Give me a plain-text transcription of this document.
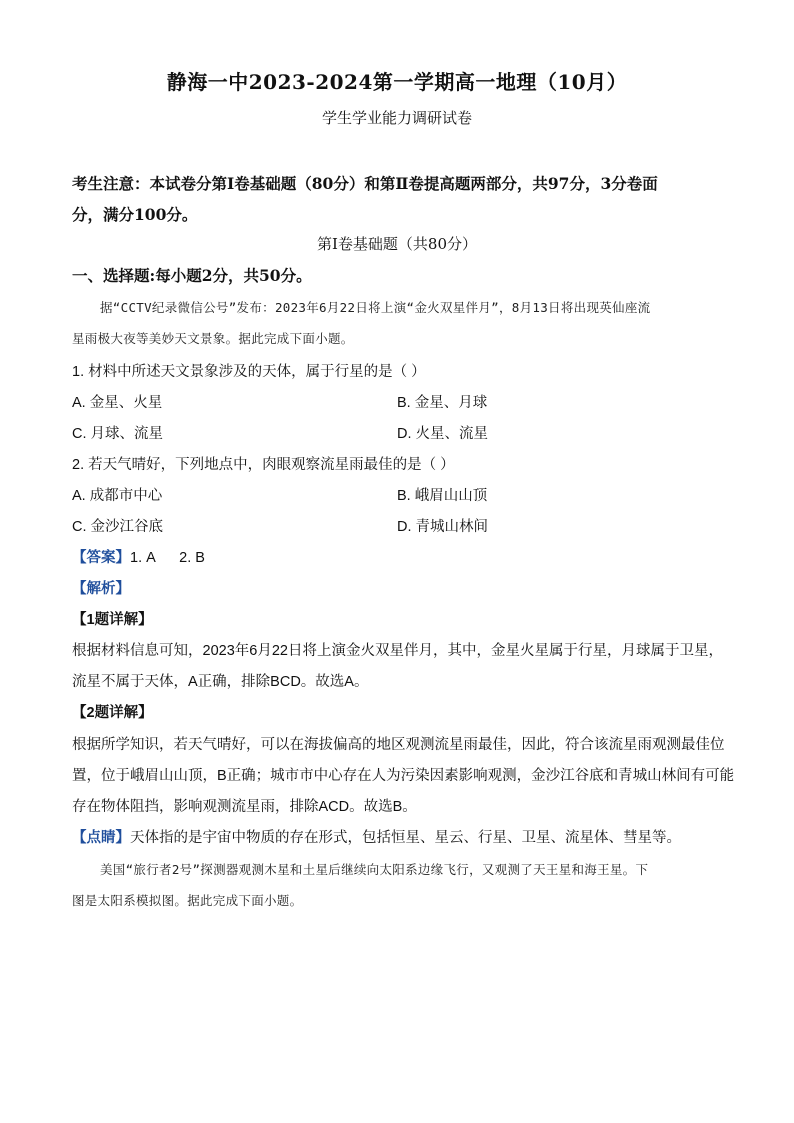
静海一中2023-2024第一学期高一地理（10月）
学生学业能力调研试卷
考生注意：本试卷分第Ⅰ卷基础题（80分）和第Ⅱ卷提高题两部分，共97分，3分卷面
分，满分100分。
第Ⅰ卷基础题（共80分）
一、选择题:每小题2分，共50分。
据“CCTV纪录微信公号”发布：2023年6月22日将上演“金火双星伴月”，8月13日将出现英仙座流
星雨极大夜等美妙天文景象。据此完成下面小题。
1. 材料中所述天文景象涉及的天体，属于行星的是（ ）
A. 金星、火星	B. 金星、月球
C. 月球、流星	D. 火星、流星
2. 若天气晴好，下列地点中，肉眼观察流星雨最佳的是（ ）
A. 成都市中心	B. 峨眉山山顶
C. 金沙江谷底	D. 青城山林间
【答案】1. A      2. B
【解析】
【1题详解】
根据材料信息可知，2023年6月22日将上演金火双星伴月，其中，金星火星属于行星，月球属于卫星，
流星不属于天体，A正确，排除BCD。故选A。
【2题详解】
根据所学知识，若天气晴好，可以在海拔偏高的地区观测流星雨最佳，因此，符合该流星雨观测最佳位
置，位于峨眉山山顶，B正确；城市市中心存在人为污染因素影响观测，金沙江谷底和青城山林间有可能
存在物体阻挡，影响观测流星雨，排除ACD。故选B。
【点睛】天体指的是宇宙中物质的存在形式，包括恒星、星云、行星、卫星、流星体、彗星等。
美国“旅行者2号”探测器观测木星和土星后继续向太阳系边缘飞行，又观测了天王星和海王星。下
图是太阳系模拟图。据此完成下面小题。
